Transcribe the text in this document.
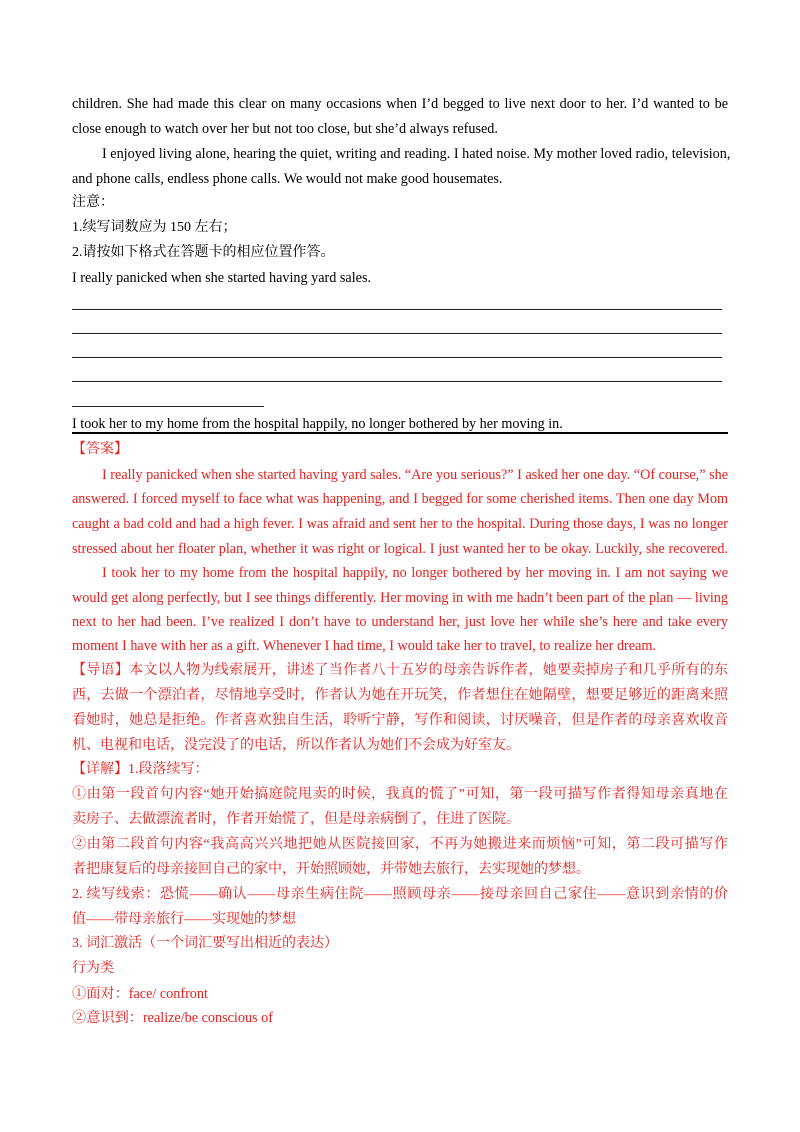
children. She had made this clear on many occasions when I’d begged to live next door to her. I’d wanted to be
close enough to watch over her but not too close, but she’d always refused.
I enjoyed living alone, hearing the quiet, writing and reading. I hated noise. My mother loved radio, television,
and phone calls, endless phone calls. We would not make good housemates.
注意：
1.续写词数应为 150 左右；
2.请按如下格式在答题卡的相应位置作答。
I really panicked when she started having yard sales.
I took her to my home from the hospital happily, no longer bothered by her moving in.
【答案】
I really panicked when she started having yard sales. “Are you serious?” I asked her one day. “Of course,” she
answered. I forced myself to face what was happening, and I begged for some cherished items. Then one day Mom
caught a bad cold and had a high fever. I was afraid and sent her to the hospital. During those days, I was no longer
stressed about her floater plan, whether it was right or logical. I just wanted her to be okay. Luckily, she recovered.
I took her to my home from the hospital happily, no longer bothered by her moving in. I am not saying we
would get along perfectly, but I see things differently. Her moving in with me hadn’t been part of the plan — living
next to her had been. I’ve realized I don’t have to understand her, just love her while she’s here and take every
moment I have with her as a gift. Whenever I had time, I would take her to travel, to realize her dream.
【导语】本文以人物为线索展开，讲述了当作者八十五岁的母亲告诉作者，她要卖掉房子和几乎所有的东
西，去做一个漂泊者，尽情地享受时，作者认为她在开玩笑，作者想住在她隔壁，想要足够近的距离来照
看她时，她总是拒绝。作者喜欢独自生活，聆听宁静，写作和阅读，讨厌噪音，但是作者的母亲喜欢收音
机、电视和电话，没完没了的电话，所以作者认为她们不会成为好室友。
【详解】1.段落续写：
①由第一段首句内容“她开始搞庭院甩卖的时候，我真的慌了”可知，第一段可描写作者得知母亲真地在
卖房子、去做漂流者时，作者开始慌了，但是母亲病倒了，住进了医院。
②由第二段首句内容“我高高兴兴地把她从医院接回家，不再为她搬进来而烦恼”可知，第二段可描写作
者把康复后的母亲接回自己的家中，开始照顾她，并带她去旅行，去实现她的梦想。
2. 续写线索：恐慌——确认——母亲生病住院——照顾母亲——接母亲回自己家住——意识到亲情的价
值——带母亲旅行——实现她的梦想
3. 词汇激活（一个词汇要写出相近的表达）
行为类
①面对：face/ confront
②意识到：realize/be conscious of
